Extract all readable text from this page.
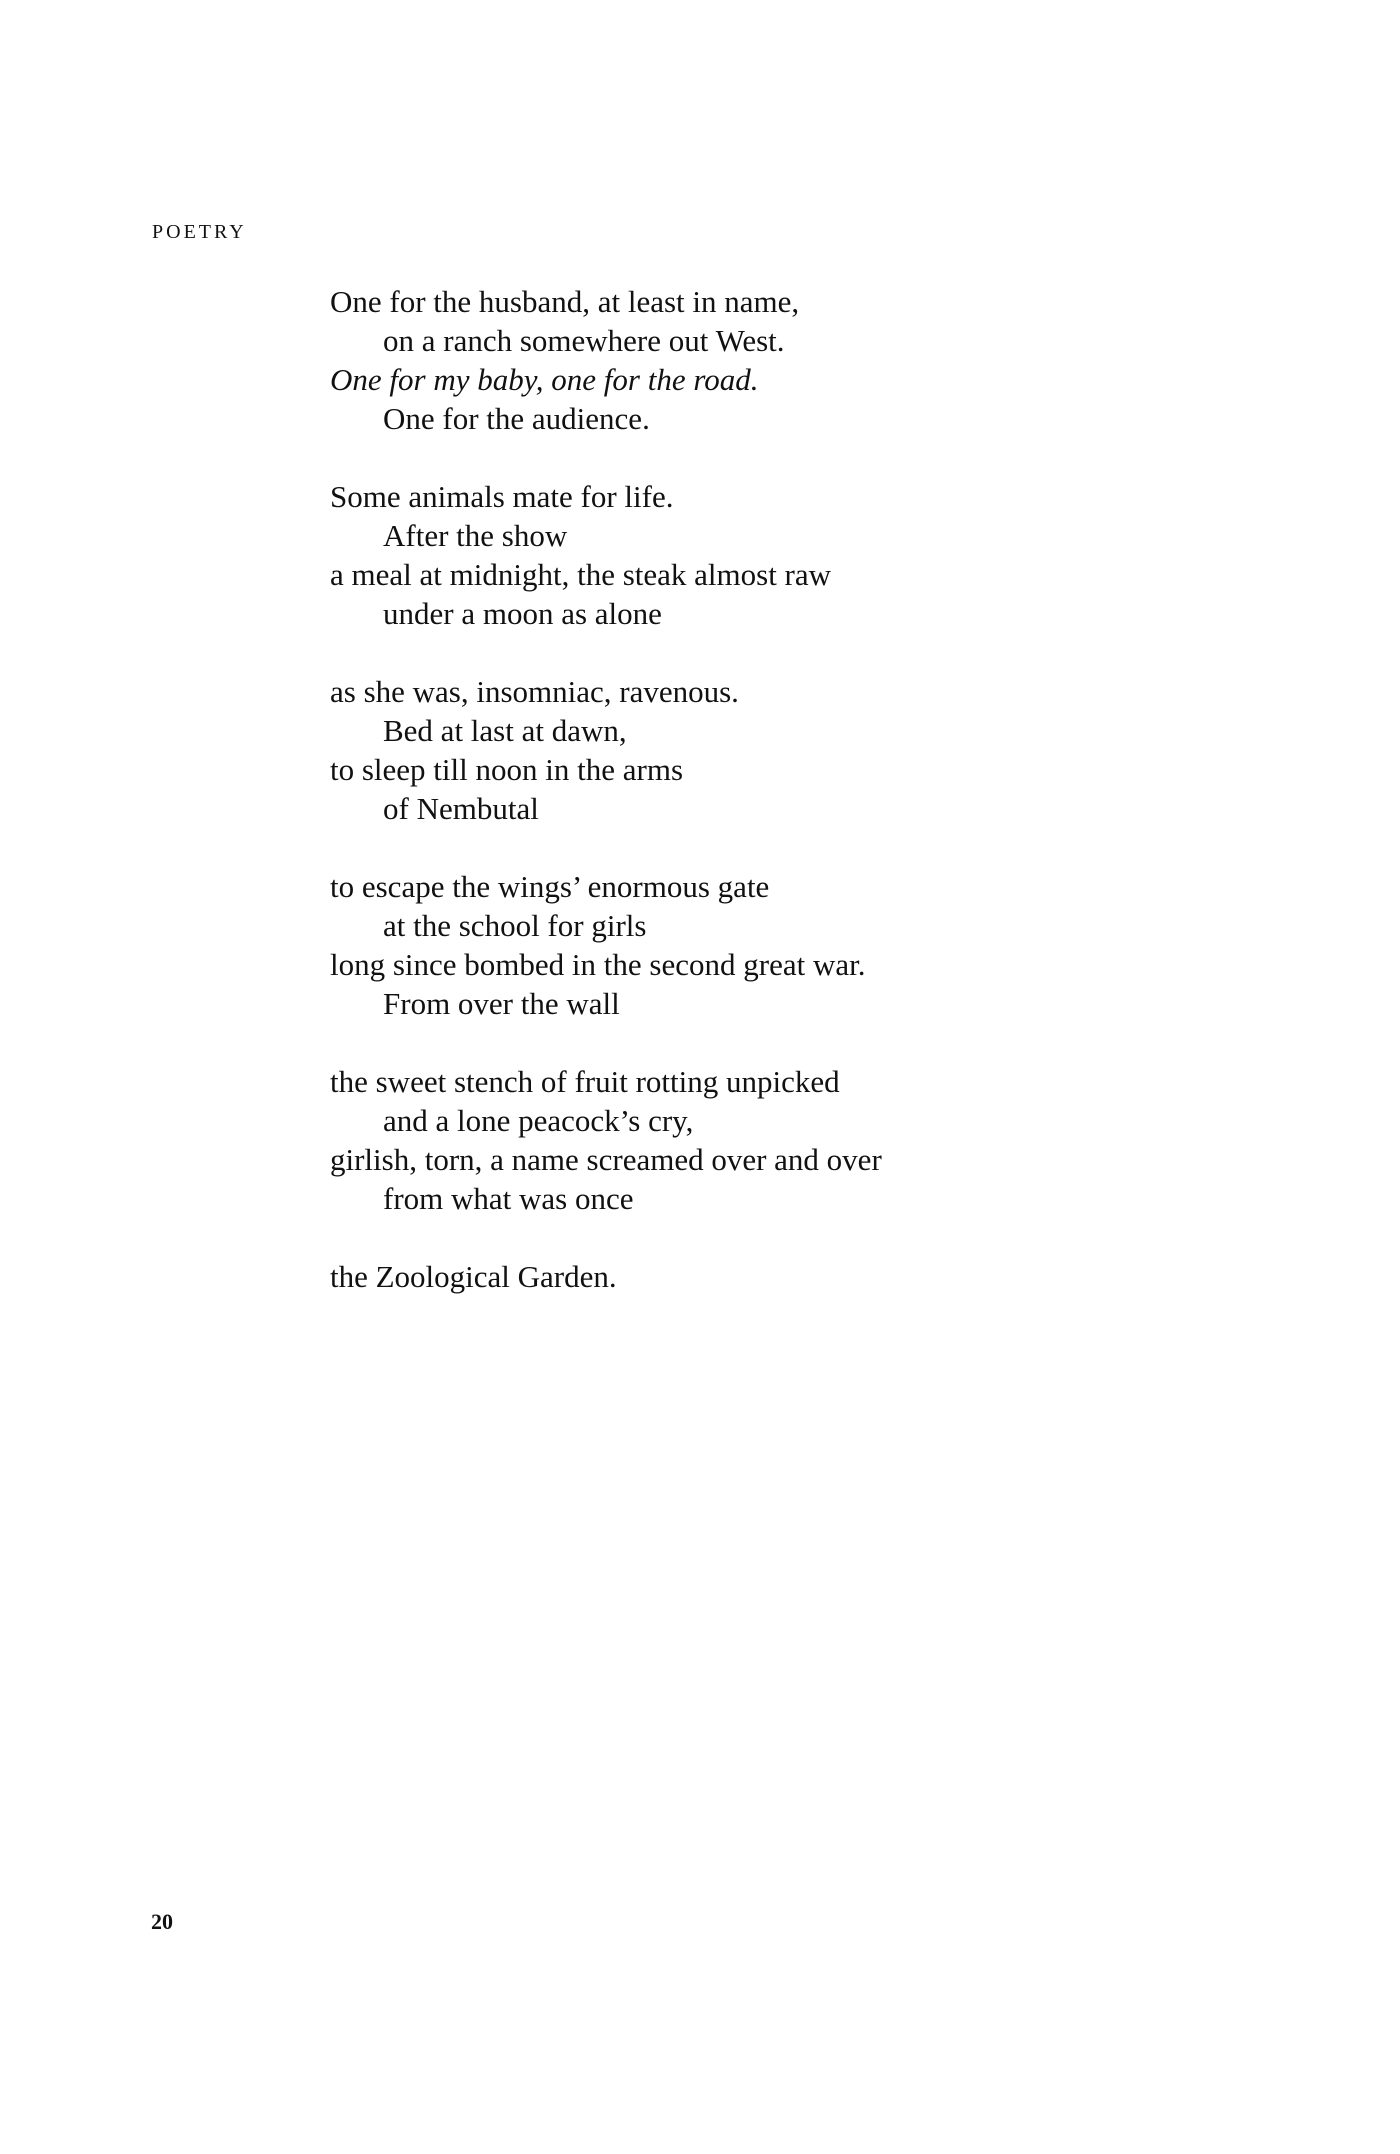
POETRY
One for the husband, at least in name,
on a ranch somewhere out West.
One for my baby, one for the road.
One for the audience.
Some animals mate for life.
After the show
a meal at midnight, the steak almost raw
under a moon as alone
as she was, insomniac, ravenous.
Bed at last at dawn,
to sleep till noon in the arms
of Nembutal
to escape the wings’ enormous gate
at the school for girls
long since bombed in the second great war.
From over the wall
the sweet stench of fruit rotting unpicked
and a lone peacock’s cry,
girlish, torn, a name screamed over and over
from what was once
the Zoological Garden.
20
